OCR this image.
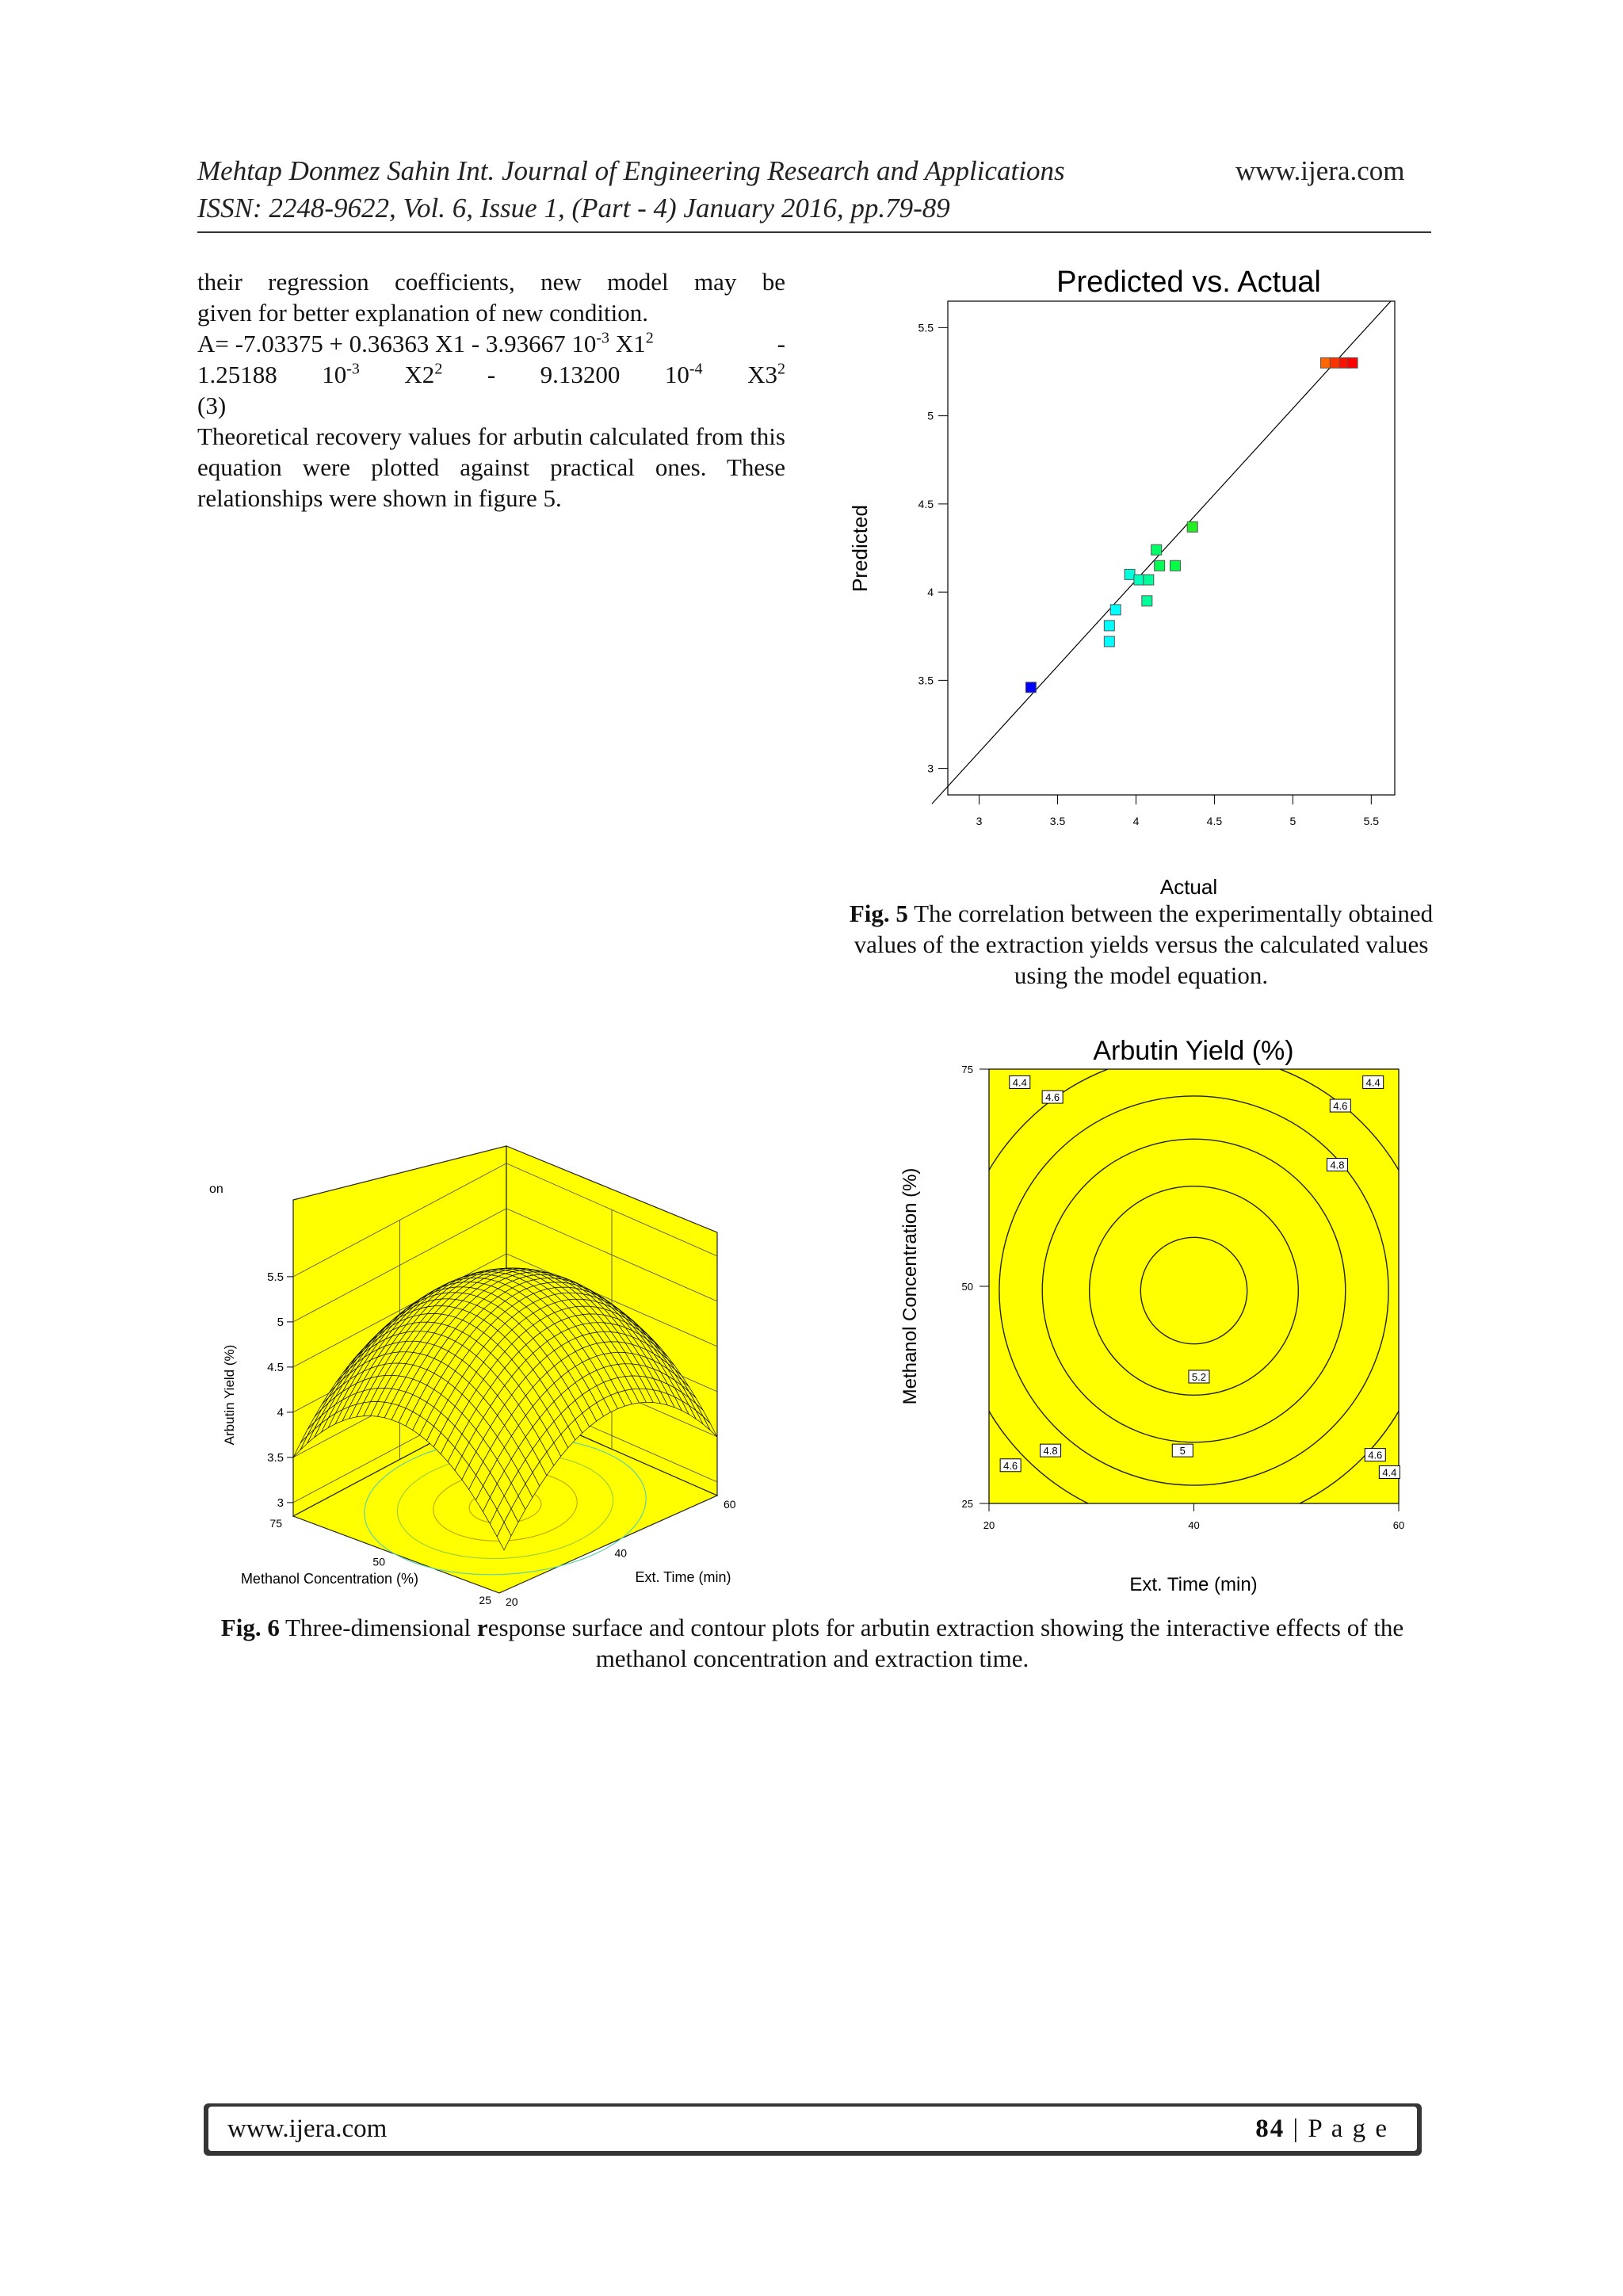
Mehtap Donmez Sahin Int. Journal of Engineering Research and Applications	www.ijera.com
ISSN: 2248-9622, Vol. 6, Issue 1, (Part - 4) January 2016, pp.79-89
their regression coefficients, new model may be
given for better explanation of new condition.
A= -7.03375 + 0.36363 X1 - 3.93667 $10^{-3}$ $X1^2$	-
1.25188 $10^{-3}$ $X2^2 - 9.13200$ $10^{-4}$ $X3^2$
(3)
Theoretical recovery values for arbutin calculated from this equation were plotted against practical ones. These relationships were shown in figure 5.
Predicted vs. Actual
3
3.5
4
4.5
5
5.5
3	3.5	4	4.5	5	5.5
Actual
Predicted
Fig. 5 The correlation between the experimentally obtained values of the extraction yields versus the calculated values using the model equation.
5.5
5
4.5
4
3.5
3
on
Arbutin Yield (%)
75
50
25 20
40
60
Methanol Concentration (%)	Ext. Time (min)
Arbutin Yield (%)
4.4
4.6
4.4
4.6
4.8
5.2
4.8
4.6
5	4.6
4.4
20	40	60
25
50
75
Ext. Time (min)
Methanol Concentration (%)
Fig. 6 Three-dimensional response surface and contour plots for arbutin extraction showing the interactive effects of the methanol concentration and extraction time.
www.ijera.com	84 | P a g e
